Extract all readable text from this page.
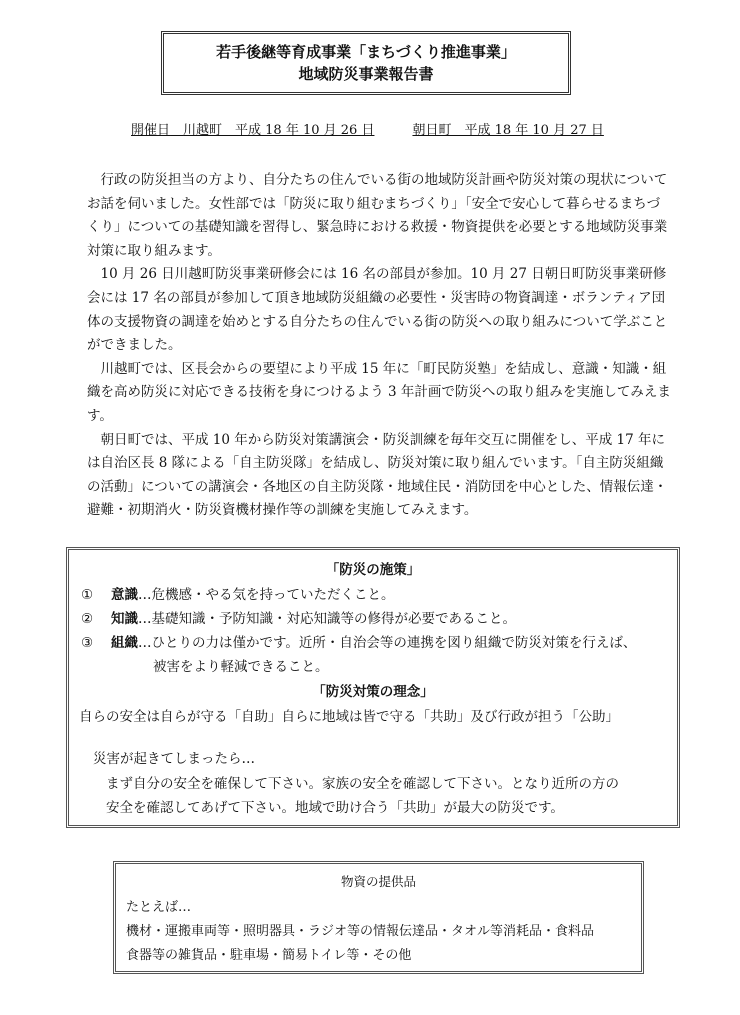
若手後継等育成事業「まちづくり推進事業」
地域防災事業報告書
開催日　 川越町　平成 18 年 10 月 26 日	朝日町　平成 18 年 10 月 27 日

行政の防災担当の方より、自分たちの住んでいる街の地域防災計画や防災対策の現状についてお話を伺いました。女性部では「防災に取り組むまちづくり」「安全で安心して暮らせるまちづくり」についての基礎知識を習得し、緊急時における救援・物資提供を必要とする地域防災事業対策に取り組みます。

10 月 26 日川越町防災事業研修会には 16 名の部員が参加。10 月 27 日朝日町防災事業研修会には 17 名の部員が参加して頂き地域防災組織の必要性・災害時の物資調達・ボランティア団体の支援物資の調達を始めとする自分たちの住んでいる街の防災への取り組みについて学ぶことができました。

川越町では、区長会からの要望により平成 15 年に「町民防災塾」を結成し、意識・知識・組織を高め防災に対応できる技術を身につけるよう 3 年計画で防災への取り組みを実施してみえます。

朝日町では、平成 10 年から防災対策講演会・防災訓練を毎年交互に開催をし、平成 17 年には自治区長 8 隊による「自主防災隊」を結成し、防災対策に取り組んでいます。「自主防災組織の活動」についての講演会・各地区の自主防災隊・地域住民・消防団を中心とした、情報伝達・避難・初期消火・防災資機材操作等の訓練を実施してみえます。

「防災の施策」
① 意識…危機感・やる気を持っていただくこと。
② 知識…基礎知識・予防知識・対応知識等の修得が必要であること。
③ 組織…ひとりの力は僅かです。近所・自治会等の連携を図り組織で防災対策を行えば、
被害をより軽減できること。
「防災対策の理念」
自らの安全は自らが守る「自助」自らに地域は皆で守る「共助」及び行政が担う「公助」
災害が起きてしまったら…
まず自分の安全を確保して下さい。家族の安全を確認して下さい。となり近所の方の
安全を確認してあげて下さい。地域で助け合う「共助」が最大の防災です。
物資の提供品
たとえば…
機材・運搬車両等・照明器具・ラジオ等の情報伝達品・タオル等消耗品・食料品
食器等の雑貨品・駐車場・簡易トイレ等・その他
